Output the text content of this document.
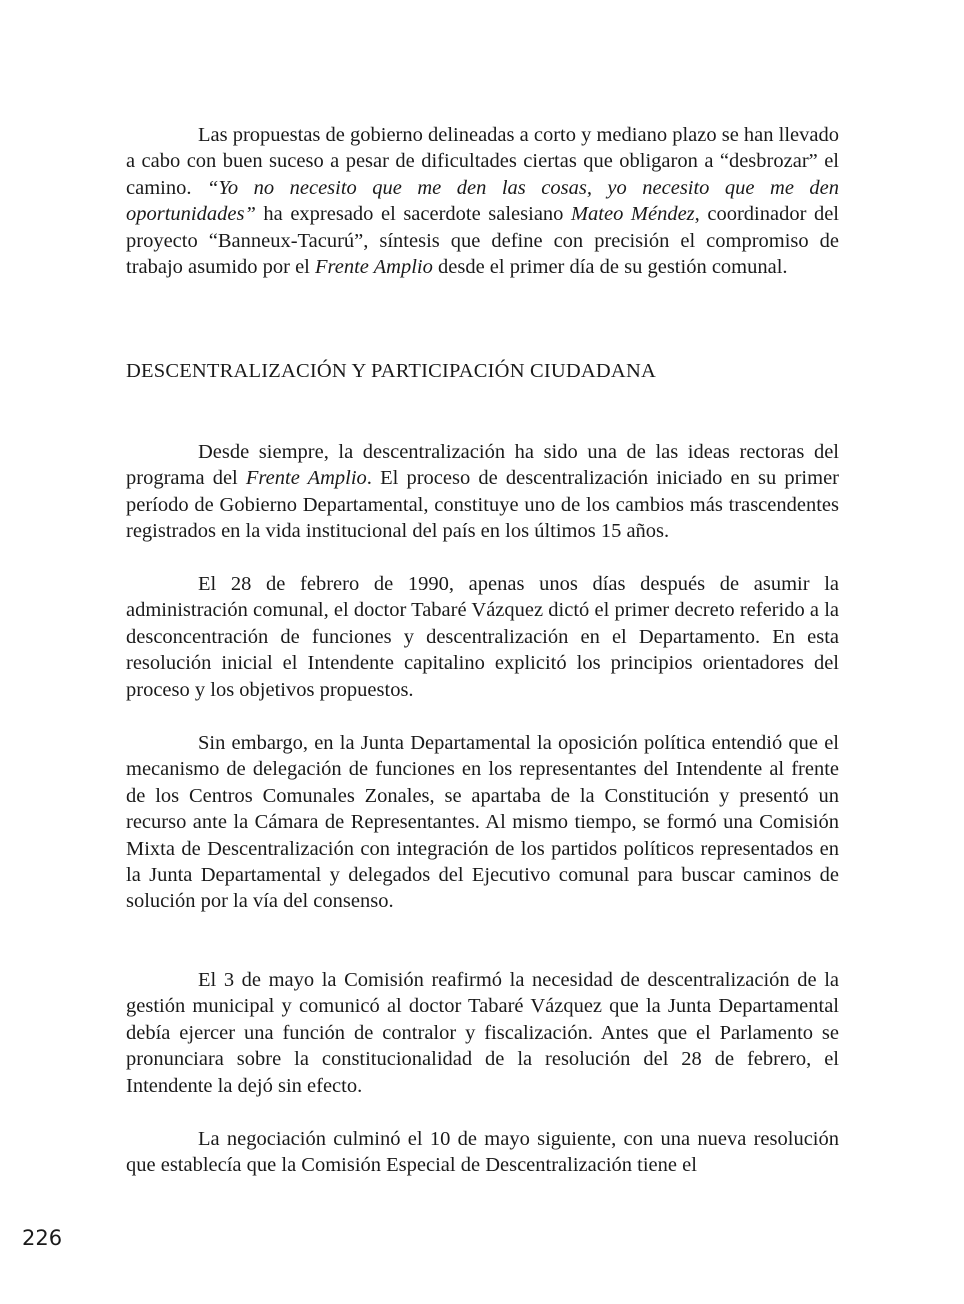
Las propuestas de gobierno delineadas a corto y mediano plazo se han llevado a cabo con buen suceso a pesar de dificultades ciertas que obligaron a “desbrozar” el camino. “Yo no necesito que me den las cosas, yo necesito que me den oportunidades” ha expresado el sacerdote salesiano Mateo Méndez, coordinador del proyecto “Banneux-Tacurú”, síntesis que define con precisión el compromiso de trabajo asumido por el Frente Amplio desde el primer día de su gestión comunal.

DESCENTRALIZACIÓN Y PARTICIPACIÓN CIUDADANA

Desde siempre, la descentralización ha sido una de las ideas rectoras del programa del Frente Amplio. El proceso de descentralización iniciado en su primer período de Gobierno Departamental, constituye uno de los cambios más trascendentes registrados en la vida institucional del país en los últimos 15 años.

El 28 de febrero de 1990, apenas unos días después de asumir la administración comunal, el doctor Tabaré Vázquez dictó el primer decreto referido a la desconcentración de funciones y descentralización en el Departamento. En esta resolución inicial el Intendente capitalino explicitó los principios orientadores del proceso y los objetivos propuestos.

Sin embargo, en la Junta Departamental la oposición política entendió que el mecanismo de delegación de funciones en los representantes del Intendente al frente de los Centros Comunales Zonales, se apartaba de la Constitución y presentó un recurso ante la Cámara de Representantes. Al mismo tiempo, se formó una Comisión Mixta de Descentralización con integración de los partidos políticos representados en la Junta Departamental y delegados del Ejecutivo comunal para buscar caminos de solución por la vía del consenso.

El 3 de mayo la Comisión reafirmó la necesidad de descentralización de la gestión municipal y comunicó al doctor Tabaré Vázquez que la Junta Departamental debía ejercer una función de contralor y fiscalización. Antes que el Parlamento se pronunciara sobre la constitucionalidad de la resolución del 28 de febrero, el Intendente la dejó sin efecto.

La negociación culminó el 10 de mayo siguiente, con una nueva resolución que establecía que la Comisión Especial de Descentralización tiene el

226
